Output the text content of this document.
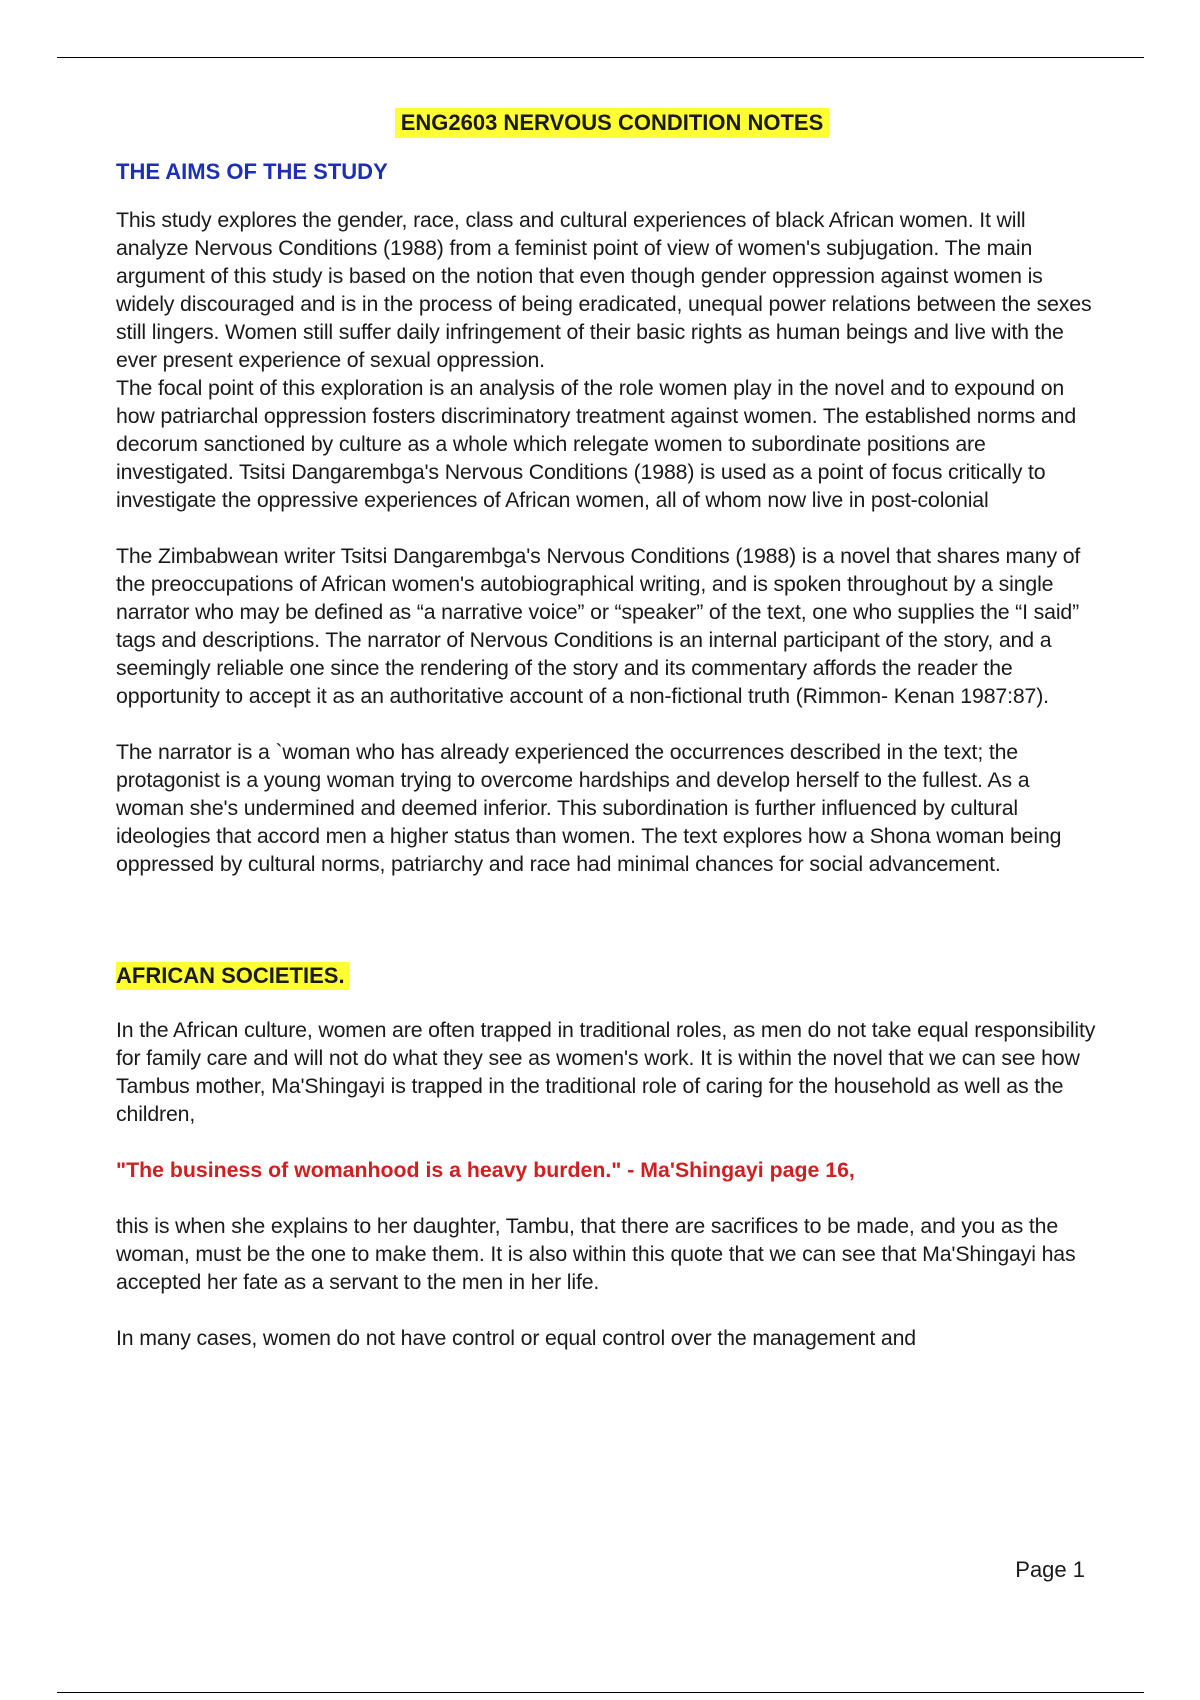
ENG2603 NERVOUS CONDITION NOTES
THE AIMS OF THE STUDY

This study explores the gender, race, class and cultural experiences of black African women. It will analyze Nervous Conditions (1988) from a feminist point of view of women's subjugation. The main argument of this study is based on the notion that even though gender oppression against women is widely discouraged and is in the process of being eradicated, unequal power relations between the sexes still lingers. Women still suffer daily infringement of their basic rights as human beings and live with the ever present experience of sexual oppression.

The focal point of this exploration is an analysis of the role women play in the novel and to expound on how patriarchal oppression fosters discriminatory treatment against women. The established norms and decorum sanctioned by culture as a whole which relegate women to subordinate positions are investigated. Tsitsi Dangarembga's Nervous Conditions (1988) is used as a point of focus critically to investigate the oppressive experiences of African women, all of whom now live in post-colonial

The Zimbabwean writer Tsitsi Dangarembga's Nervous Conditions (1988) is a novel that shares many of the preoccupations of African women's autobiographical writing, and is spoken throughout by a single narrator who may be defined as “a narrative voice” or “speaker” of the text, one who supplies the “I said” tags and descriptions. The narrator of Nervous Conditions is an internal participant of the story, and a seemingly reliable one since the rendering of the story and its commentary affords the reader the opportunity to accept it as an authoritative account of a non-fictional truth (Rimmon- Kenan 1987:87).

The narrator is a `woman who has already experienced the occurrences described in the text; the protagonist is a young woman trying to overcome hardships and develop herself to the fullest. As a woman she's undermined and deemed inferior. This subordination is further influenced by cultural ideologies that accord men a higher status than women. The text explores how a Shona woman being oppressed by cultural norms, patriarchy and race had minimal chances for social advancement.

AFRICAN SOCIETIES.

In the African culture, women are often trapped in traditional roles, as men do not take equal responsibility for family care and will not do what they see as women's work. It is within the novel that we can see how Tambus mother, Ma'Shingayi is trapped in the traditional role of caring for the household as well as the children,

"The business of womanhood is a heavy burden." - Ma'Shingayi page 16,

this is when she explains to her daughter, Tambu, that there are sacrifices to be made, and you as the woman, must be the one to make them. It is also within this quote that we can see that Ma'Shingayi has accepted her fate as a servant to the men in her life.

In many cases, women do not have control or equal control over the management and

Page 1
